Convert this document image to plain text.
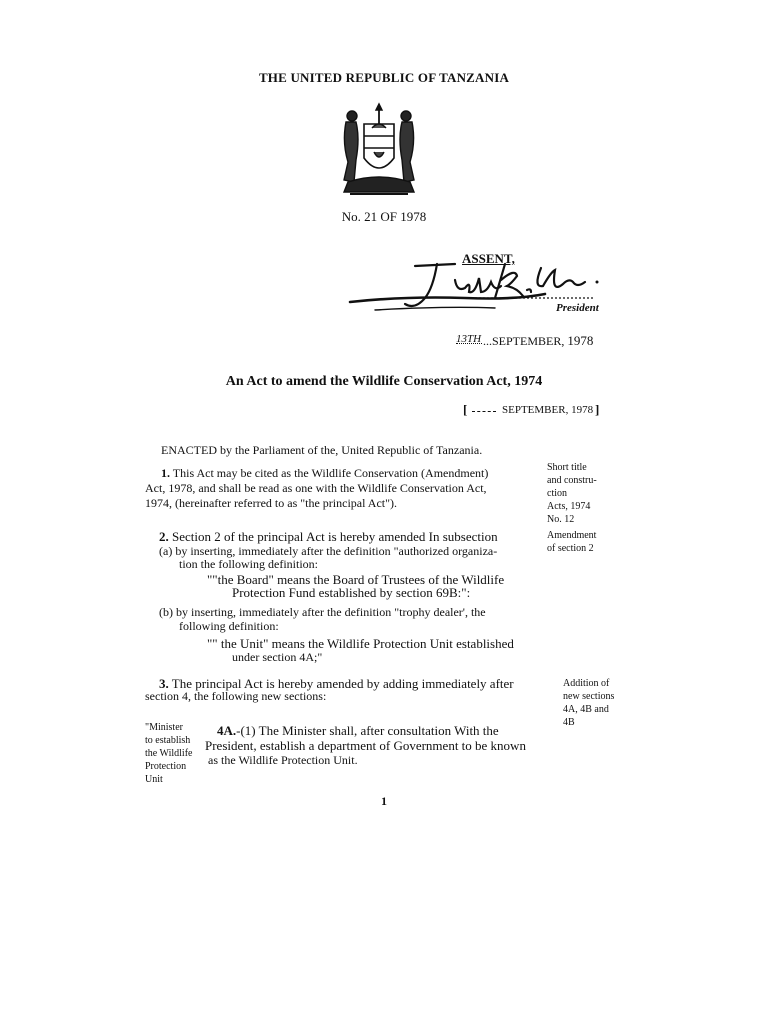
THE UNITED REPUBLIC OF TANZANIA
No. 21 OF 1978
ASSENT,
President
13TH ...SEPTEMBER, 1978
An Act to amend the Wildlife Conservation Act, 1974
[	SEPTEMBER, 1978 ]
ENACTED by the Parliament of the, United Republic of Tanzania.
1. This Act may be cited as the Wildlife Conservation (Amendment)
Act, 1978, and shall be read as one with the Wildlife Conservation Act,
1974, (hereinafter referred to as "the principal Act").
Short title
and constru-
ction
Acts, 1974
No. 12
2. Section 2 of the principal Act is hereby amended In subsection
(a) by inserting, immediately after the definition "authorized organiza-
tion the following definition:
""the Board" means the Board of Trustees of the Wildlife
Protection Fund established by section 69B:":
(b) by inserting, immediately after the definition "trophy dealer', the
following definition:
"" the Unit" means the Wildlife Protection Unit established
under section 4A;"
Amendment
of section 2
3. The principal Act is hereby amended by adding immediately after
section 4, the following new sections:
Addition of
new sections
4A, 4B and
4B
"Minister
to establish
the Wildlife
Protection
Unit
4A.-(1) The Minister shall, after consultation With the
President, establish a department of Government to be known
as the Wildlife Protection Unit.
1
